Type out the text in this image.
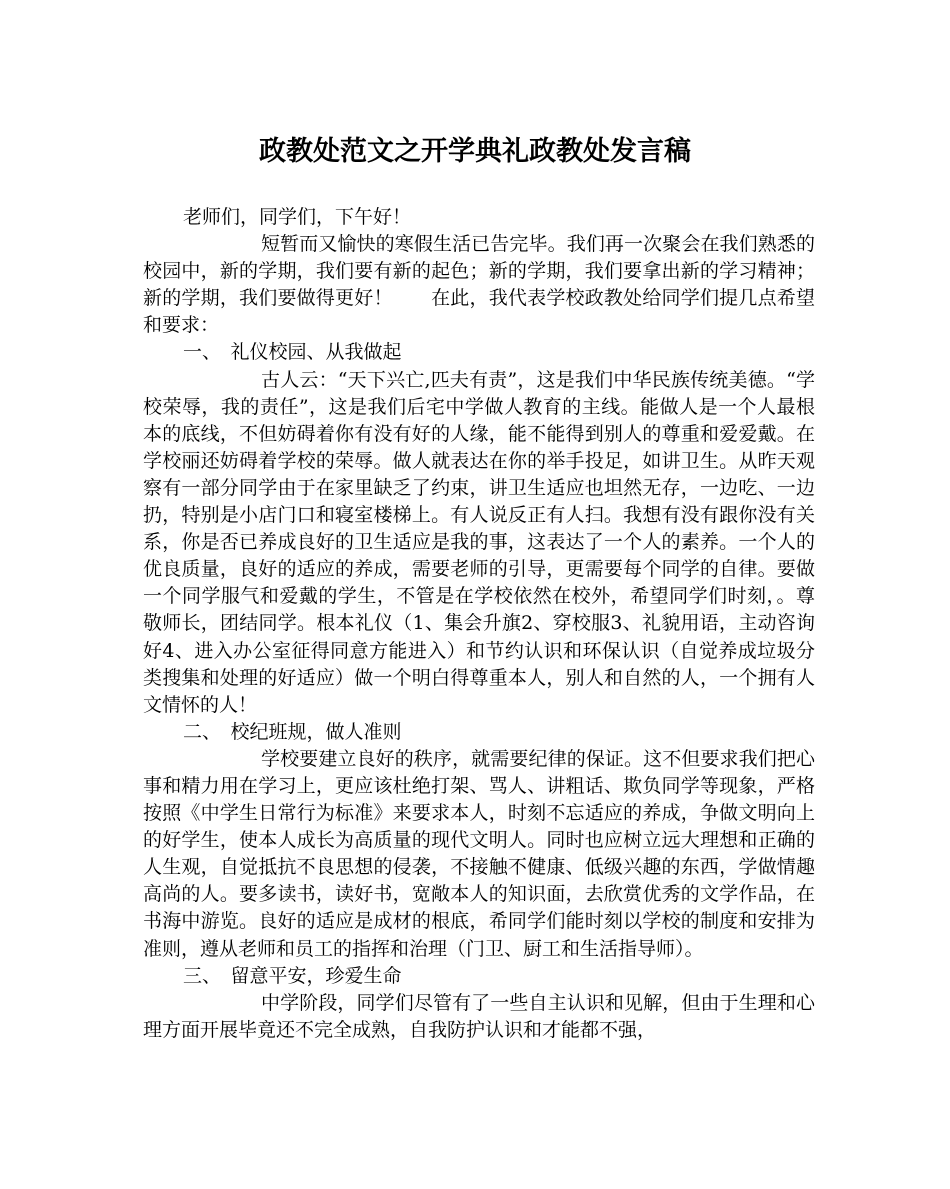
政教处范文之开学典礼政教处发言稿

老师们，同学们，下午好！

短暂而又愉快的寒假生活已告完毕。我们再一次聚会在我们熟悉的校园中，新的学期，我们要有新的起色；新的学期，我们要拿出新的学习精神；新的学期，我们要做得更好！　　在此，我代表学校政教处给同学们提几点希望和要求：

一、　礼仪校园、从我做起

古人云：“天下兴亡,匹夫有责”，这是我们中华民族传统美德。“学校荣辱，我的责任”，这是我们后宅中学做人教育的主线。能做人是一个人最根本的底线，不但妨碍着你有没有好的人缘，能不能得到别人的尊重和爱爱戴。在学校丽还妨碍着学校的荣辱。做人就表达在你的举手投足，如讲卫生。从昨天观察有一部分同学由于在家里缺乏了约束，讲卫生适应也坦然无存，一边吃、一边扔，特别是小店门口和寝室楼梯上。有人说反正有人扫。我想有没有跟你没有关系，你是否已养成良好的卫生适应是我的事，这表达了一个人的素养。一个人的优良质量，良好的适应的养成，需要老师的引导，更需要每个同学的自律。要做一个同学服气和爱戴的学生，不管是在学校依然在校外，希望同学们时刻，。尊敬师长，团结同学。根本礼仪（1、集会升旗2、穿校服3、礼貌用语，主动咨询好4、进入办公室征得同意方能进入）和节约认识和环保认识（自觉养成垃圾分类搜集和处理的好适应）做一个明白得尊重本人，别人和自然的人，一个拥有人文情怀的人！

二、　校纪班规，做人准则

学校要建立良好的秩序，就需要纪律的保证。这不但要求我们把心事和精力用在学习上，更应该杜绝打架、骂人、讲粗话、欺负同学等现象，严格按照《中学生日常行为标准》来要求本人，时刻不忘适应的养成，争做文明向上的好学生，使本人成长为高质量的现代文明人。同时也应树立远大理想和正确的人生观，自觉抵抗不良思想的侵袭，不接触不健康、低级兴趣的东西，学做情趣高尚的人。要多读书，读好书，宽敞本人的知识面，去欣赏优秀的文学作品，在书海中游览。良好的适应是成材的根底，希同学们能时刻以学校的制度和安排为准则，遵从老师和员工的指挥和治理（门卫、厨工和生活指导师）。

三、　留意平安，珍爱生命

中学阶段，同学们尽管有了一些自主认识和见解，但由于生理和心理方面开展毕竟还不完全成熟，自我防护认识和才能都不强，
